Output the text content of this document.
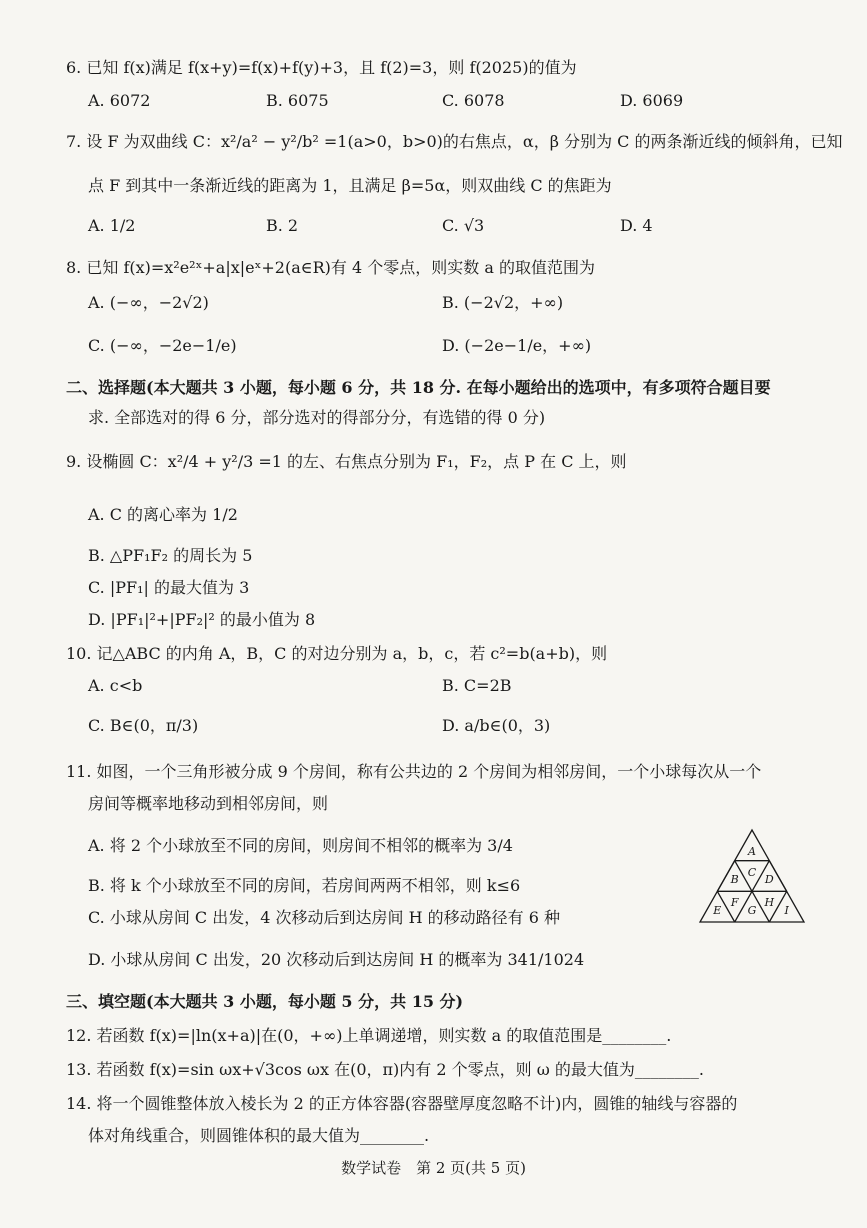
6. 已知 f(x)满足 f(x+y)=f(x)+f(y)+3，且 f(2)=3，则 f(2025)的值为
A. 6072	B. 6075	C. 6078	D. 6069
7. 设 F 为双曲线 C：x²/a² − y²/b² =1(a>0，b>0)的右焦点，α，β 分别为 C 的两条渐近线的倾斜角，已知
点 F 到其中一条渐近线的距离为 1，且满足 β=5α，则双曲线 C 的焦距为
A. 1/2	B. 2	C. √3	D. 4
8. 已知 f(x)=x²e²ˣ+a|x|eˣ+2(a∈R)有 4 个零点，则实数 a 的取值范围为
A. (−∞，−2√2)	B. (−2√2，+∞)
C. (−∞，−2e−1/e)	D. (−2e−1/e，+∞)
二、选择题(本大题共 3 小题，每小题 6 分，共 18 分. 在每小题给出的选项中，有多项符合题目要
求. 全部选对的得 6 分，部分选对的得部分分，有选错的得 0 分)
9. 设椭圆 C：x²/4 + y²/3 =1 的左、右焦点分别为 F₁，F₂，点 P 在 C 上，则
A. C 的离心率为 1/2
B. △PF₁F₂ 的周长为 5
C. |PF₁| 的最大值为 3
D. |PF₁|²+|PF₂|² 的最小值为 8
10. 记△ABC 的内角 A，B，C 的对边分别为 a，b，c，若 c²=b(a+b)，则
A. c<b	B. C=2B
C. B∈(0，π/3)	D. a/b∈(0，3)
11. 如图，一个三角形被分成 9 个房间，称有公共边的 2 个房间为相邻房间，一个小球每次从一个
房间等概率地移动到相邻房间，则
A. 将 2 个小球放至不同的房间，则房间不相邻的概率为 3/4
B. 将 k 个小球放至不同的房间，若房间两两不相邻，则 k≤6
C. 小球从房间 C 出发，4 次移动后到达房间 H 的移动路径有 6 种
D. 小球从房间 C 出发，20 次移动后到达房间 H 的概率为 341/1024
A
B
C
D
E
F
G
H
I
三、填空题(本大题共 3 小题，每小题 5 分，共 15 分)
12. 若函数 f(x)=|ln(x+a)|在(0，+∞)上单调递增，则实数 a 的取值范围是________.
13. 若函数 f(x)=sin ωx+√3cos ωx 在(0，π)内有 2 个零点，则 ω 的最大值为________.
14. 将一个圆锥整体放入棱长为 2 的正方体容器(容器壁厚度忽略不计)内，圆锥的轴线与容器的
体对角线重合，则圆锥体积的最大值为________.
数学试卷　第 2 页(共 5 页)
